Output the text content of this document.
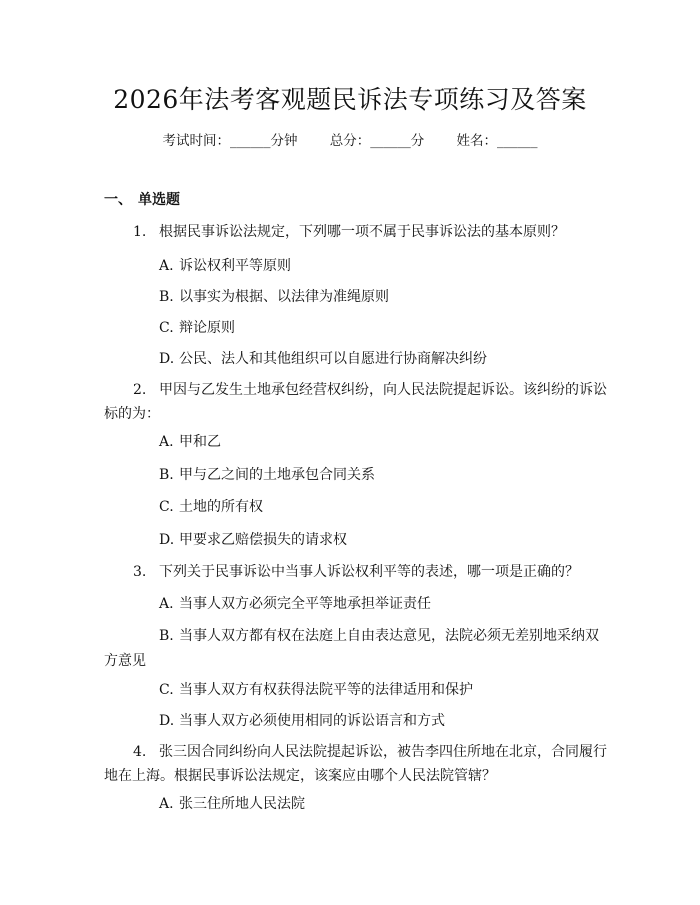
2026年法考客观题民诉法专项练习及答案
考试时间：______分钟 总分：______分 姓名：______
一、 单选题
1. 根据民事诉讼法规定，下列哪一项不属于民事诉讼法的基本原则？
A. 诉讼权利平等原则
B. 以事实为根据、以法律为准绳原则
C. 辩论原则
D. 公民、法人和其他组织可以自愿进行协商解决纠纷
2. 甲因与乙发生土地承包经营权纠纷，向人民法院提起诉讼。该纠纷的诉讼
标的为：
A. 甲和乙
B. 甲与乙之间的土地承包合同关系
C. 土地的所有权
D. 甲要求乙赔偿损失的请求权
3. 下列关于民事诉讼中当事人诉讼权利平等的表述，哪一项是正确的？
A. 当事人双方必须完全平等地承担举证责任
B. 当事人双方都有权在法庭上自由表达意见，法院必须无差别地采纳双
方意见
C. 当事人双方有权获得法院平等的法律适用和保护
D. 当事人双方必须使用相同的诉讼语言和方式
4. 张三因合同纠纷向人民法院提起诉讼，被告李四住所地在北京，合同履行
地在上海。根据民事诉讼法规定，该案应由哪个人民法院管辖？
A. 张三住所地人民法院
